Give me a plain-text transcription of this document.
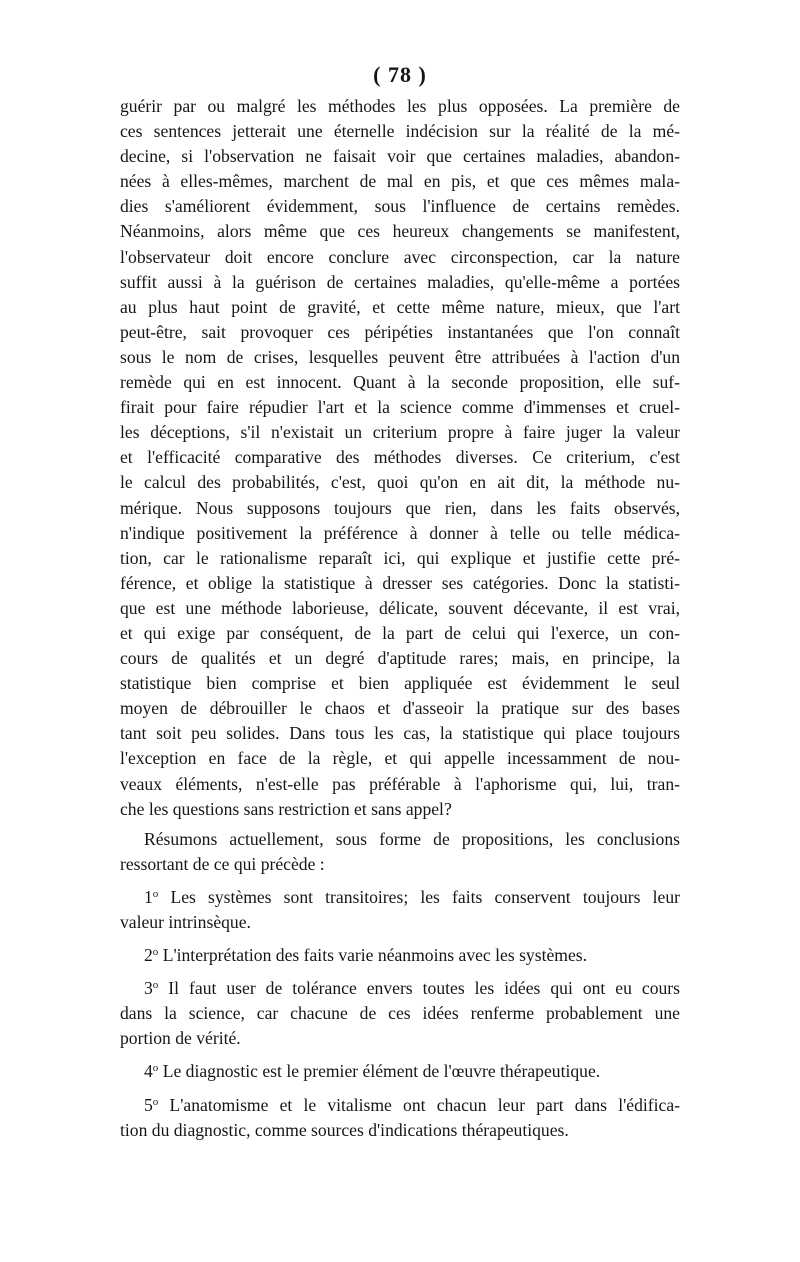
( 78 )
guérir par ou malgré les méthodes les plus opposées. La première de
ces sentences jetterait une éternelle indécision sur la réalité de la mé-
decine, si l'observation ne faisait voir que certaines maladies, abandon-
nées à elles-mêmes, marchent de mal en pis, et que ces mêmes mala-
dies s'améliorent évidemment, sous l'influence de certains remèdes.
Néanmoins, alors même que ces heureux changements se manifestent,
l'observateur doit encore conclure avec circonspection, car la nature
suffit aussi à la guérison de certaines maladies, qu'elle-même a portées
au plus haut point de gravité, et cette même nature, mieux, que l'art
peut-être, sait provoquer ces péripéties instantanées que l'on connaît
sous le nom de crises, lesquelles peuvent être attribuées à l'action d'un
remède qui en est innocent. Quant à la seconde proposition, elle suf-
firait pour faire répudier l'art et la science comme d'immenses et cruel-
les déceptions, s'il n'existait un criterium propre à faire juger la valeur
et l'efficacité comparative des méthodes diverses. Ce criterium, c'est
le calcul des probabilités, c'est, quoi qu'on en ait dit, la méthode nu-
mérique. Nous supposons toujours que rien, dans les faits observés,
n'indique positivement la préférence à donner à telle ou telle médica-
tion, car le rationalisme reparaît ici, qui explique et justifie cette pré-
férence, et oblige la statistique à dresser ses catégories. Donc la statisti-
que est une méthode laborieuse, délicate, souvent décevante, il est vrai,
et qui exige par conséquent, de la part de celui qui l'exerce, un con-
cours de qualités et un degré d'aptitude rares; mais, en principe, la
statistique bien comprise et bien appliquée est évidemment le seul
moyen de débrouiller le chaos et d'asseoir la pratique sur des bases
tant soit peu solides. Dans tous les cas, la statistique qui place toujours
l'exception en face de la règle, et qui appelle incessamment de nou-
veaux éléments, n'est-elle pas préférable à l'aphorisme qui, lui, tran-
che les questions sans restriction et sans appel?
Résumons actuellement, sous forme de propositions, les conclusions
ressortant de ce qui précède :
1$^o$ Les systèmes sont transitoires; les faits conservent toujours leur
valeur intrinsèque.
2$^o$ L'interprétation des faits varie néanmoins avec les systèmes.
3$^o$ Il faut user de tolérance envers toutes les idées qui ont eu cours
dans la science, car chacune de ces idées renferme probablement une
portion de vérité.
4$^o$ Le diagnostic est le premier élément de l'œuvre thérapeutique.
5$^o$ L'anatomisme et le vitalisme ont chacun leur part dans l'édifica-
tion du diagnostic, comme sources d'indications thérapeutiques.
